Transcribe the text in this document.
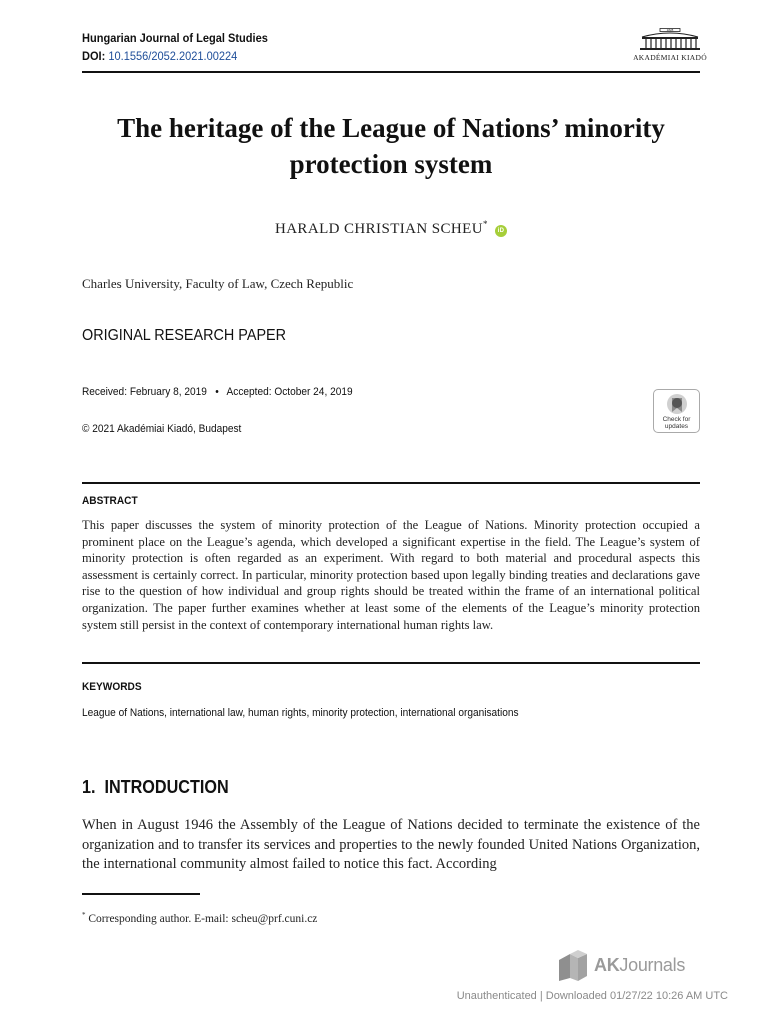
Hungarian Journal of Legal Studies
DOI: 10.1556/2052.2021.00224
1828
AKADÉMIAI KIADÓ
The heritage of the League of Nations’ minority protection system
HARALD CHRISTIAN SCHEU* iD
Charles University, Faculty of Law, Czech Republic
ORIGINAL RESEARCH PAPER
Received: February 8, 2019 • Accepted: October 24, 2019
© 2021 Akadémiai Kiadó, Budapest
Check for
updates
ABSTRACT

This paper discusses the system of minority protection of the League of Nations. Minority protection occupied a prominent place on the League’s agenda, which developed a significant expertise in the field. The League’s system of minority protection is often regarded as an experiment. With regard to both material and procedural aspects this assessment is certainly correct. In particular, minority protection based upon legally binding treaties and declarations gave rise to the question of how individual and group rights should be treated within the frame of an international political organization. The paper further examines whether at least some of the elements of the League’s minority protection system still persist in the context of contemporary international human rights law.

KEYWORDS
League of Nations, international law, human rights, minority protection, international organisations
1. INTRODUCTION

When in August 1946 the Assembly of the League of Nations decided to terminate the existence of the organization and to transfer its services and properties to the newly founded United Nations Organization, the international community almost failed to notice this fact. According

* Corresponding author. E-mail: scheu@prf.cuni.cz
AKJournals
Unauthenticated | Downloaded 01/27/22 10:26 AM UTC
